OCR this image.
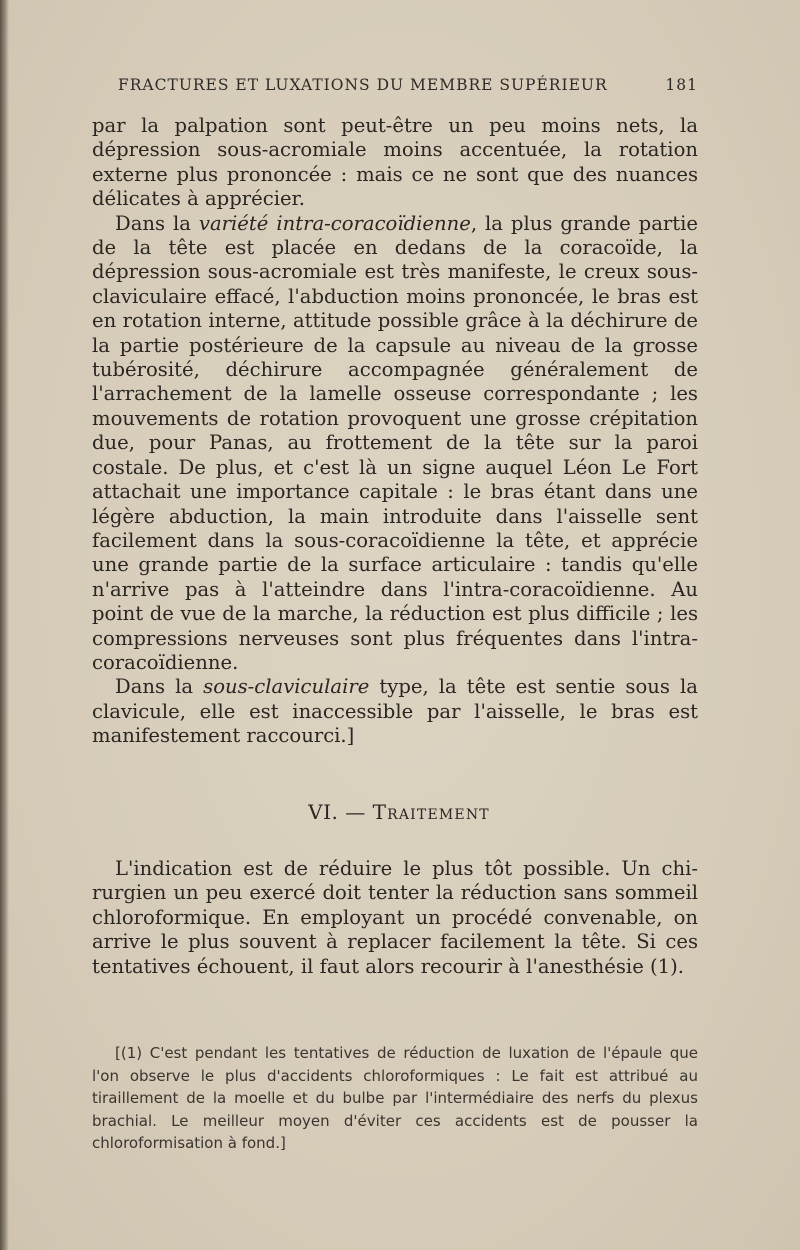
FRACTURES ET LUXATIONS DU MEMBRE SUPÉRIEUR	181

par la palpation sont peut-être un peu moins nets, la dépression sous-acromiale moins accentuée, la rotation externe plus prononcée : mais ce ne sont que des nuances délicates à apprécier.

Dans la variété intra-coracoïdienne, la plus grande partie de la tête est placée en dedans de la coracoïde, la dépression sous-acromiale est très manifeste, le creux sous-claviculaire effacé, l'abduction moins prononcée, le bras est en rotation interne, attitude possible grâce à la déchirure de la partie postérieure de la capsule au niveau de la grosse tubérosité, déchirure accompagnée généralement de l'arrachement de la lamelle osseuse correspondante ; les mouvements de rotation provoquent une grosse crépitation due, pour Panas, au frottement de la tête sur la paroi costale. De plus, et c'est là un signe auquel Léon Le Fort attachait une importance capitale : le bras étant dans une légère abduction, la main introduite dans l'aisselle sent facilement dans la sous-coracoïdienne la tête, et apprécie une grande partie de la surface articulaire : tandis qu'elle n'arrive pas à l'atteindre dans l'intra-coracoïdienne. Au point de vue de la marche, la réduction est plus difficile ; les compressions nerveuses sont plus fréquentes dans l'intra-coracoïdienne.

Dans la sous-claviculaire type, la tête est sentie sous la clavicule, elle est inaccessible par l'aisselle, le bras est manifestement raccourci.]

VI. — Traitement

L'indication est de réduire le plus tôt possible. Un chirurgien un peu exercé doit tenter la réduction sans sommeil chloroformique. En employant un procédé convenable, on arrive le plus souvent à replacer facilement la tête. Si ces tentatives échouent, il faut alors recourir à l'anesthésie (1).

[(1) C'est pendant les tentatives de réduction de luxation de l'épaule que l'on observe le plus d'accidents chloroformiques : Le fait est attribué au tiraillement de la moelle et du bulbe par l'intermédiaire des nerfs du plexus brachial. Le meilleur moyen d'éviter ces accidents est de pousser la chloroformisation à fond.]
